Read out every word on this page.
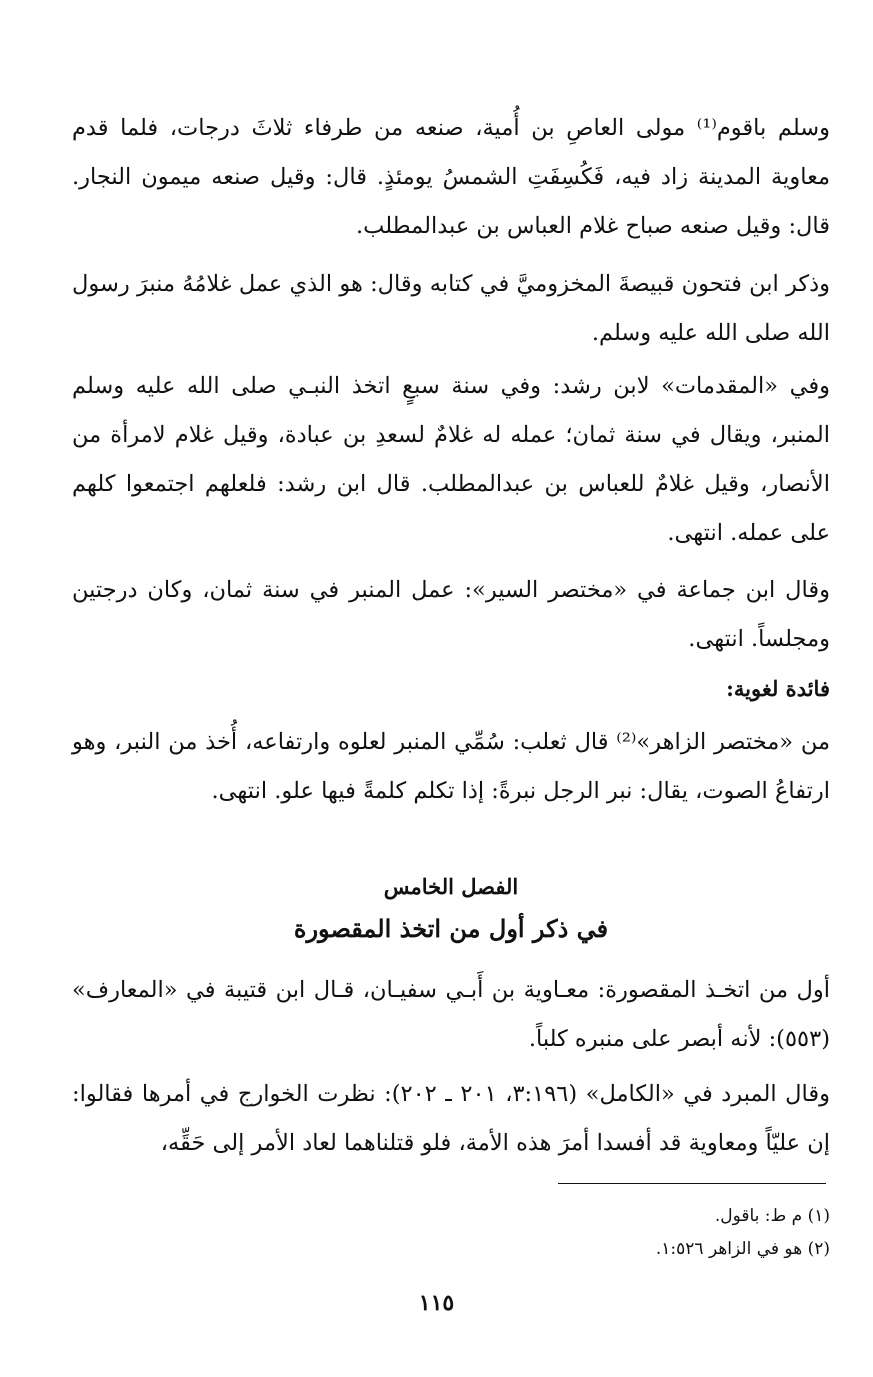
وسلم باقوم⁽¹⁾ مولى العاصِ بن أُمية، صنعه من طرفاء ثلاثَ درجات، فلما قدم معاوية المدينة زاد فيه، فَكُسِفَتِ الشمسُ يومئذٍ. قال: وقيل صنعه ميمون النجار. قال: وقيل صنعه صباح غلام العباس بن عبدالمطلب.
وذكر ابن فتحون قبيصةَ المخزوميَّ في كتابه وقال: هو الذي عمل غلامُهُ منبرَ رسول الله صلى الله عليه وسلم.
وفي «المقدمات» لابن رشد: وفي سنة سبعٍ اتخذ النبـي صلى الله عليه وسلم المنبر، ويقال في سنة ثمان؛ عمله له غلامٌ لسعدِ بن عبادة، وقيل غلام لامرأة من الأنصار، وقيل غلامٌ للعباس بن عبدالمطلب. قال ابن رشد: فلعلهم اجتمعوا كلهم على عمله. انتهى.
وقال ابن جماعة في «مختصر السير»: عمل المنبر في سنة ثمان، وكان درجتين ومجلساً. انتهى.
فائدة لغوية:
من «مختصر الزاهر»⁽²⁾ قال ثعلب: سُمِّي المنبر لعلوه وارتفاعه، أُخذ من النبر، وهو ارتفاعُ الصوت، يقال: نبر الرجل نبرةً: إذا تكلم كلمةً فيها علو. انتهى.
الفصل الخامس
في ذكر أول من اتخذ المقصورة
أول من اتخـذ المقصورة: معـاوية بن أَبـي سفيـان، قـال ابن قتيبة في «المعارف» (٥٥٣): لأنه أبصر على منبره كلباً.
وقال المبرد في «الكامل» (٣:١٩٦، ٢٠١ ـ ٢٠٢): نظرت الخوارج في أمرها فقالوا: إن عليّاً ومعاوية قد أفسدا أمرَ هذه الأمة، فلو قتلناهما لعاد الأمر إلى حَقِّه،
(١) م ط: باقول.
(٢) هو في الزاهر ١:٥٢٦.
١١٥
